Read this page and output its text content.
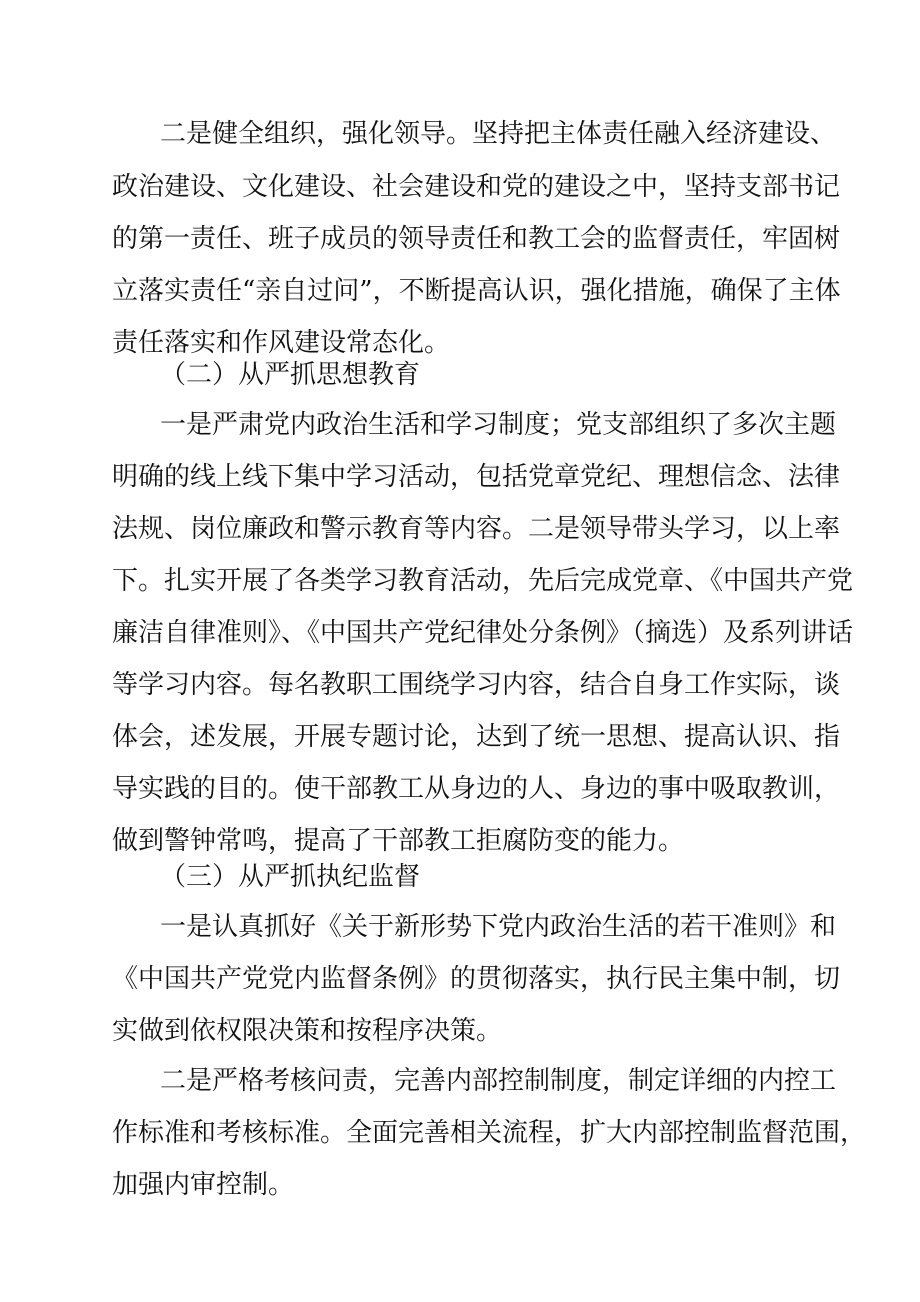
二是健全组织，强化领导。坚持把主体责任融入经济建设、
政治建设、文化建设、社会建设和党的建设之中，坚持支部书记
的第一责任、班子成员的领导责任和教工会的监督责任，牢固树
立落实责任“亲自过问”，不断提高认识，强化措施，确保了主体
责任落实和作风建设常态化。
（二）从严抓思想教育
一是严肃党内政治生活和学习制度；党支部组织了多次主题
明确的线上线下集中学习活动，包括党章党纪、理想信念、法律
法规、岗位廉政和警示教育等内容。二是领导带头学习，以上率
下。扎实开展了各类学习教育活动，先后完成党章、《中国共产党
廉洁自律准则》、《中国共产党纪律处分条例》（摘选）及系列讲话
等学习内容。每名教职工围绕学习内容，结合自身工作实际，谈
体会，述发展，开展专题讨论，达到了统一思想、提高认识、指
导实践的目的。使干部教工从身边的人、身边的事中吸取教训，
做到警钟常鸣，提高了干部教工拒腐防变的能力。
（三）从严抓执纪监督
一是认真抓好《关于新形势下党内政治生活的若干准则》和
《中国共产党党内监督条例》的贯彻落实，执行民主集中制，切
实做到依权限决策和按程序决策。
二是严格考核问责，完善内部控制制度，制定详细的内控工
作标准和考核标准。全面完善相关流程，扩大内部控制监督范围，
加强内审控制。
